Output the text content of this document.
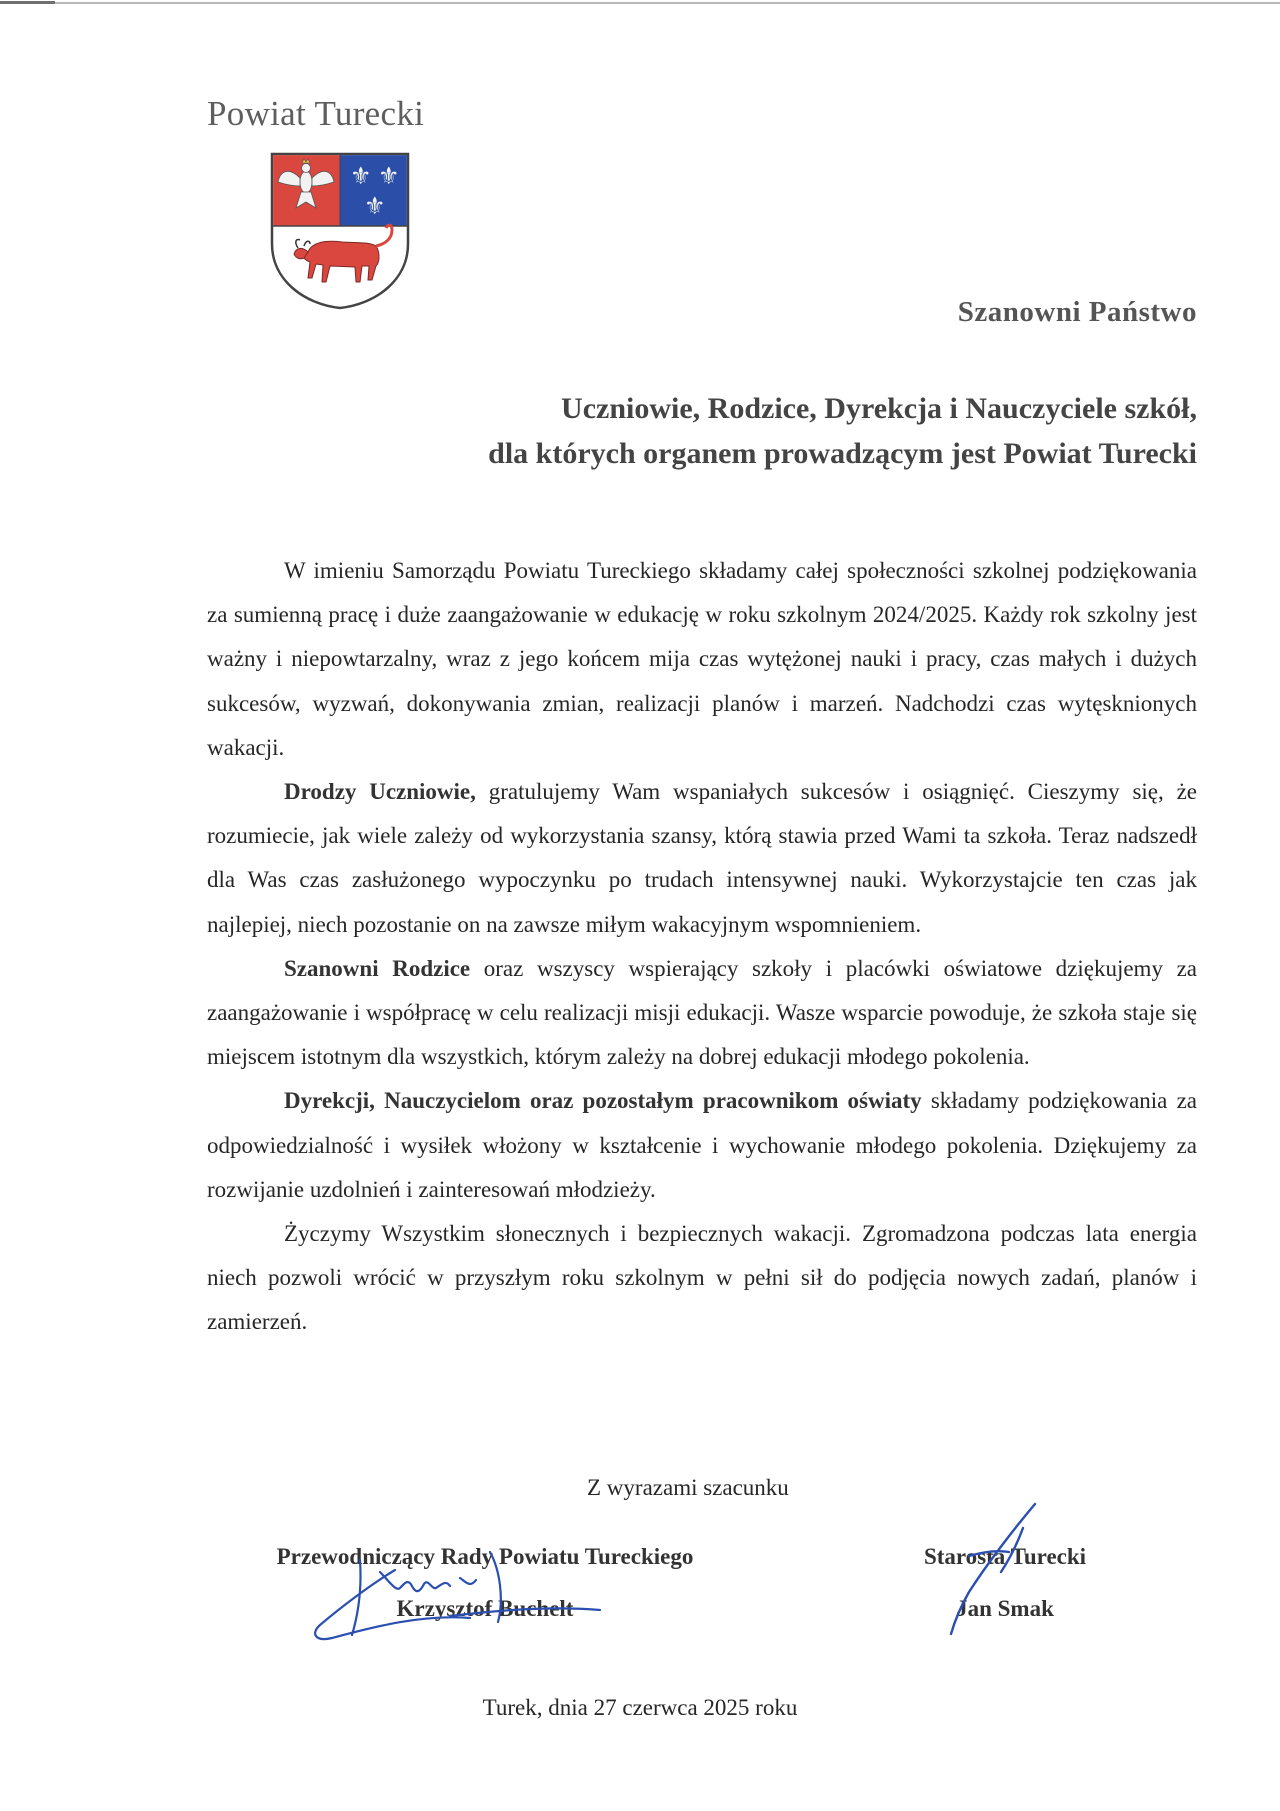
Powiat Turecki
⚜ ⚜
⚜
Szanowni Państwo
Uczniowie, Rodzice, Dyrekcja i Nauczyciele szkół,
dla których organem prowadzącym jest Powiat Turecki

W imieniu Samorządu Powiatu Tureckiego składamy całej społeczności szkolnej podziękowania za sumienną pracę i duże zaangażowanie w edukację w roku szkolnym 2024/2025. Każdy rok szkolny jest ważny i niepowtarzalny, wraz z jego końcem mija czas wytężonej nauki i pracy, czas małych i dużych sukcesów, wyzwań, dokonywania zmian, realizacji planów i marzeń. Nadchodzi czas wytęsknionych wakacji.

Drodzy Uczniowie, gratulujemy Wam wspaniałych sukcesów i osiągnięć. Cieszymy się, że rozumiecie, jak wiele zależy od wykorzystania szansy, którą stawia przed Wami ta szkoła. Teraz nadszedł dla Was czas zasłużonego wypoczynku po trudach intensywnej nauki. Wykorzystajcie ten czas jak najlepiej, niech pozostanie on na zawsze miłym wakacyjnym wspomnieniem.

Szanowni Rodzice oraz wszyscy wspierający szkoły i placówki oświatowe dziękujemy za zaangażowanie i współpracę w celu realizacji misji edukacji. Wasze wsparcie powoduje, że szkoła staje się miejscem istotnym dla wszystkich, którym zależy na dobrej edukacji młodego pokolenia.

Dyrekcji, Nauczycielom oraz pozostałym pracownikom oświaty składamy podziękowania za odpowiedzialność i wysiłek włożony w kształcenie i wychowanie młodego pokolenia. Dziękujemy za rozwijanie uzdolnień i zainteresowań młodzieży.

Życzymy Wszystkim słonecznych i bezpiecznych wakacji. Zgromadzona podczas lata energia niech pozwoli wrócić w przyszłym roku szkolnym w pełni sił do podjęcia nowych zadań, planów i zamierzeń.

Z wyrazami szacunku
Przewodniczący Rady Powiatu Tureckiego
Krzysztof Buchelt
Starosta Turecki
Jan Smak
Turek, dnia 27 czerwca 2025 roku
